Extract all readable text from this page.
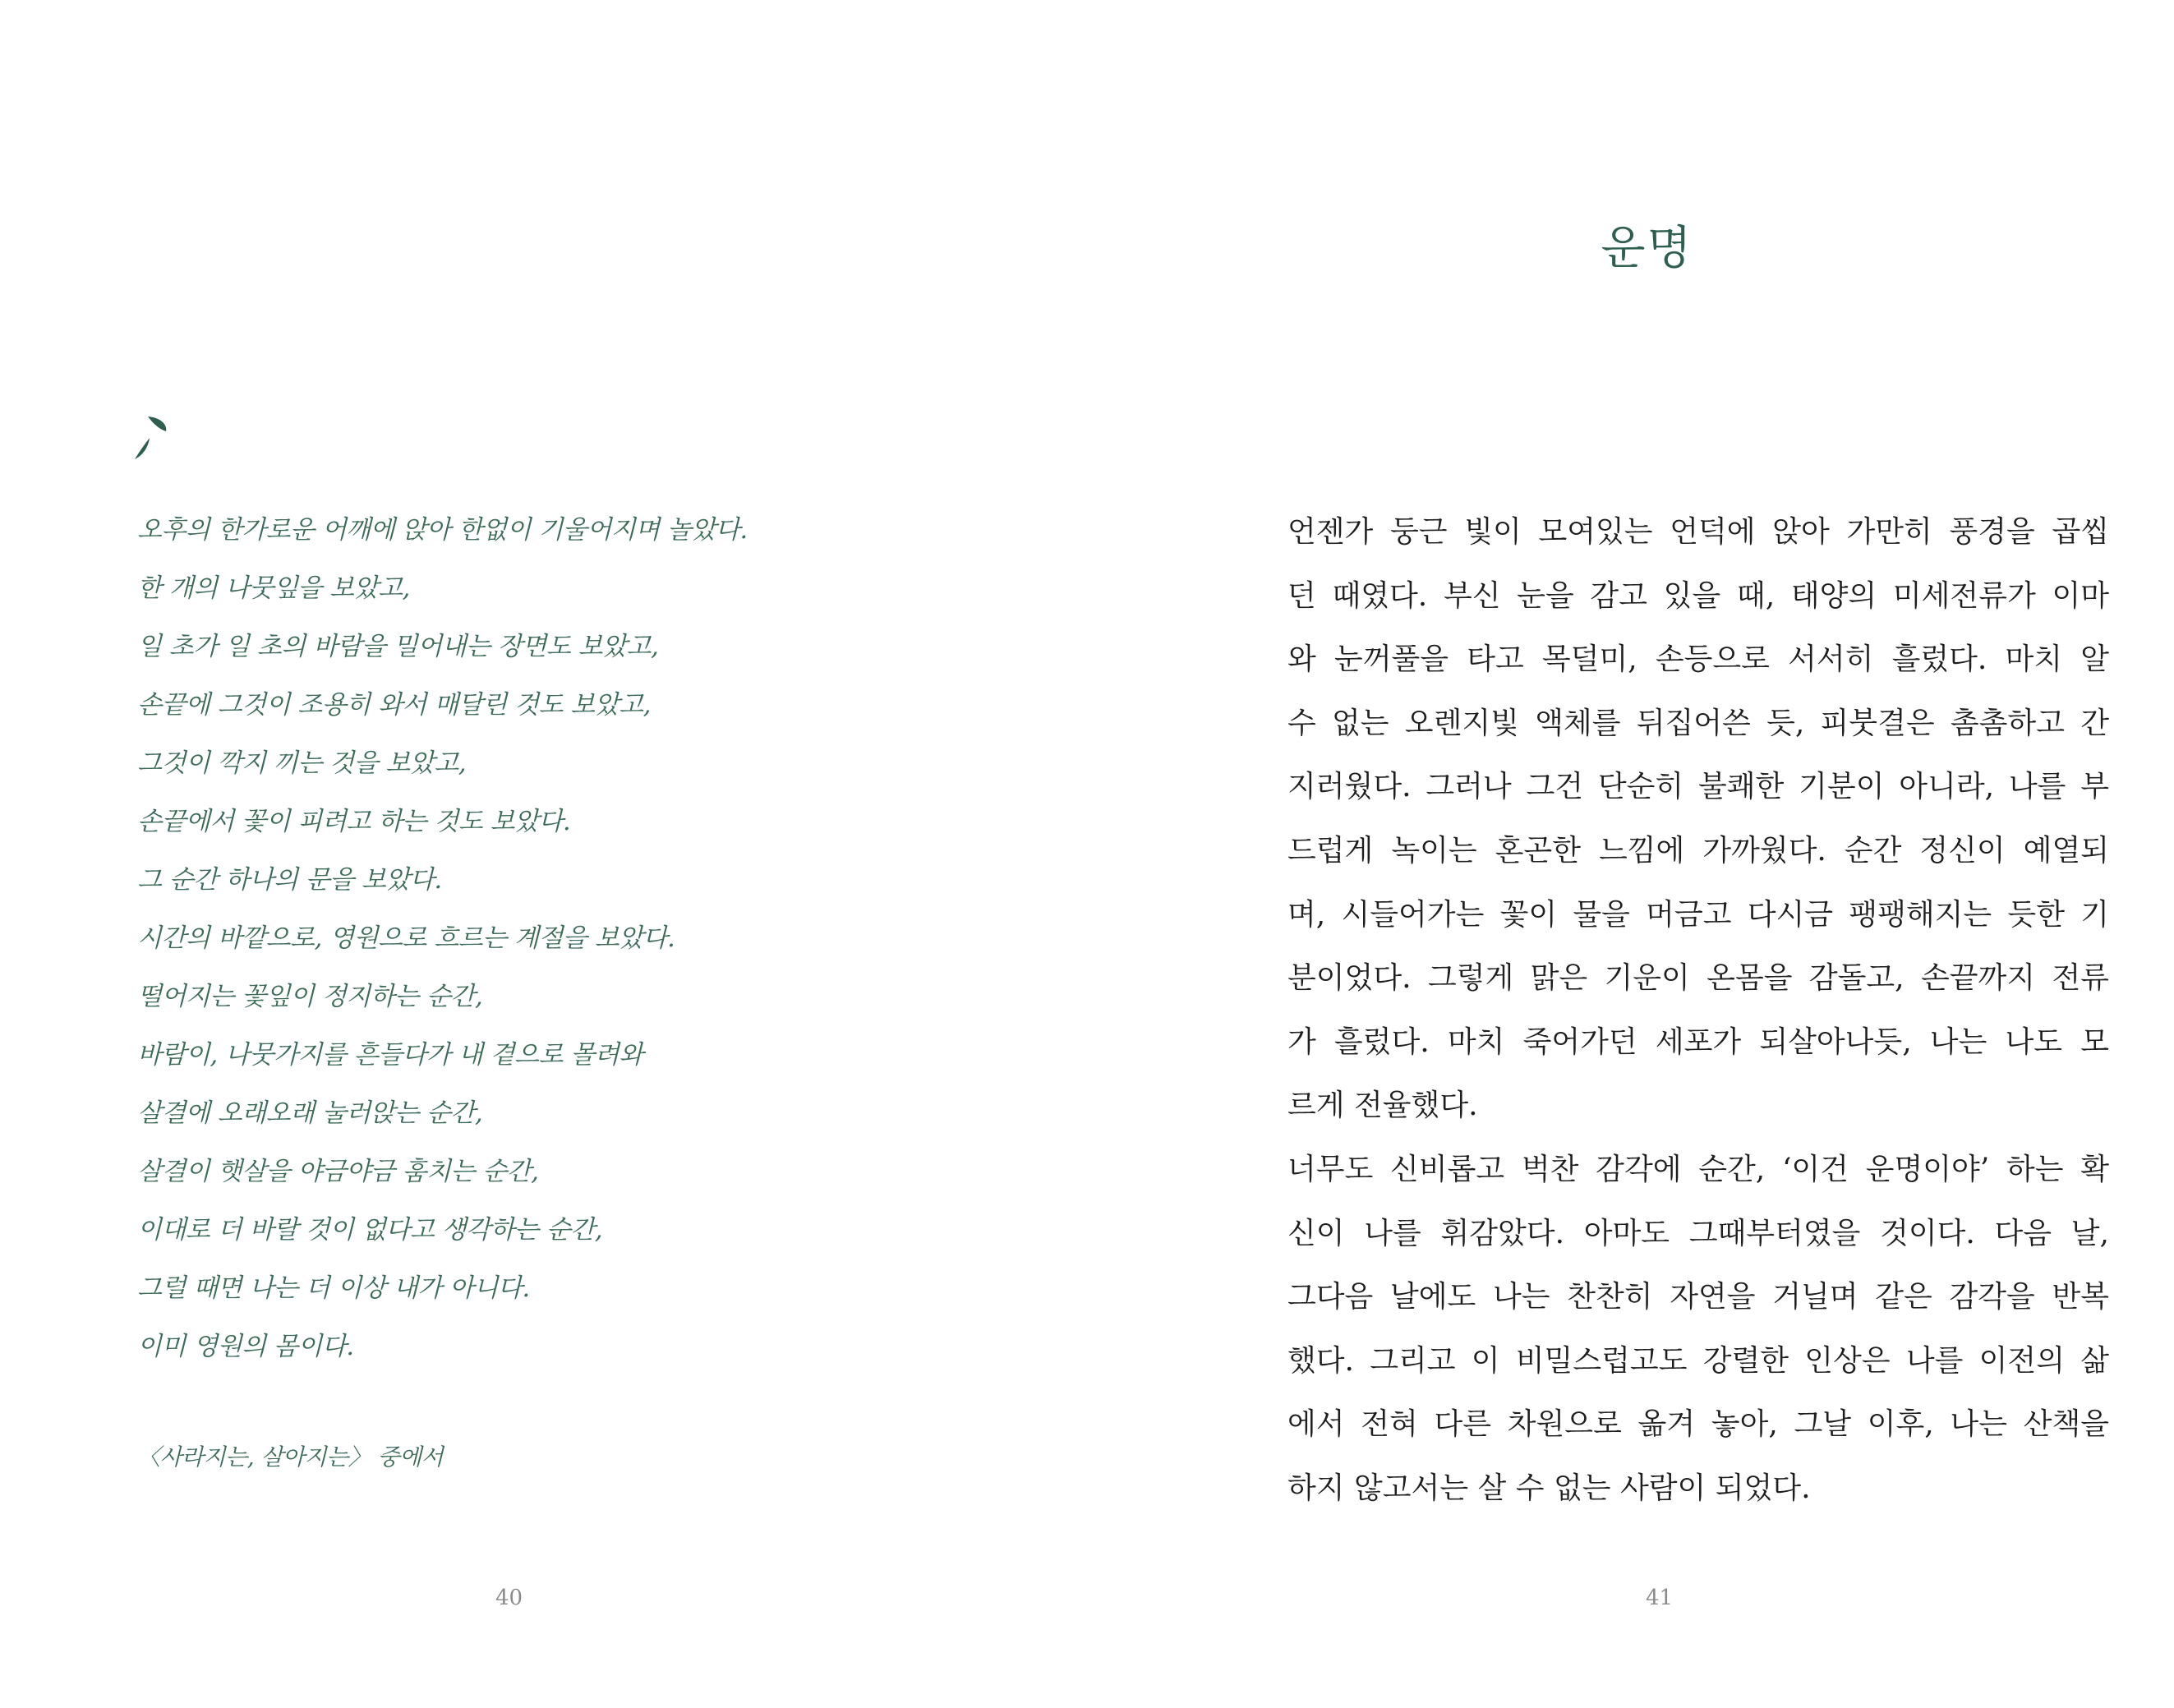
오후의 한가로운 어깨에 앉아 한없이 기울어지며 놀았다.
한 개의 나뭇잎을 보았고,
일 초가 일 초의 바람을 밀어내는 장면도 보았고,
손끝에 그것이 조용히 와서 매달린 것도 보았고,
그것이 깍지 끼는 것을 보았고,
손끝에서 꽃이 피려고 하는 것도 보았다.
그 순간 하나의 문을 보았다.
시간의 바깥으로, 영원으로 흐르는 계절을 보았다.
떨어지는 꽃잎이 정지하는 순간,
바람이, 나뭇가지를 흔들다가 내 곁으로 몰려와
살결에 오래오래 눌러앉는 순간,
살결이 햇살을 야금야금 훔치는 순간,
이대로 더 바랄 것이 없다고 생각하는 순간,
그럴 때면 나는 더 이상 내가 아니다.
이미 영원의 몸이다.
〈사라지는, 살아지는〉 중에서
40
운명
언젠가 둥근 빛이 모여있는 언덕에 앉아 가만히 풍경을 곱씹
던 때였다. 부신 눈을 감고 있을 때, 태양의 미세전류가 이마
와 눈꺼풀을 타고 목덜미, 손등으로 서서히 흘렀다. 마치 알
수 없는 오렌지빛 액체를 뒤집어쓴 듯, 피붓결은 촘촘하고 간
지러웠다. 그러나 그건 단순히 불쾌한 기분이 아니라, 나를 부
드럽게 녹이는 혼곤한 느낌에 가까웠다. 순간 정신이 예열되
며, 시들어가는 꽃이 물을 머금고 다시금 팽팽해지는 듯한 기
분이었다. 그렇게 맑은 기운이 온몸을 감돌고, 손끝까지 전류
가 흘렀다. 마치 죽어가던 세포가 되살아나듯, 나는 나도 모
르게 전율했다.
너무도 신비롭고 벅찬 감각에 순간, ‘이건 운명이야’ 하는 확
신이 나를 휘감았다. 아마도 그때부터였을 것이다. 다음 날,
그다음 날에도 나는 찬찬히 자연을 거닐며 같은 감각을 반복
했다. 그리고 이 비밀스럽고도 강렬한 인상은 나를 이전의 삶
에서 전혀 다른 차원으로 옮겨 놓아, 그날 이후, 나는 산책을
하지 않고서는 살 수 없는 사람이 되었다.
41
